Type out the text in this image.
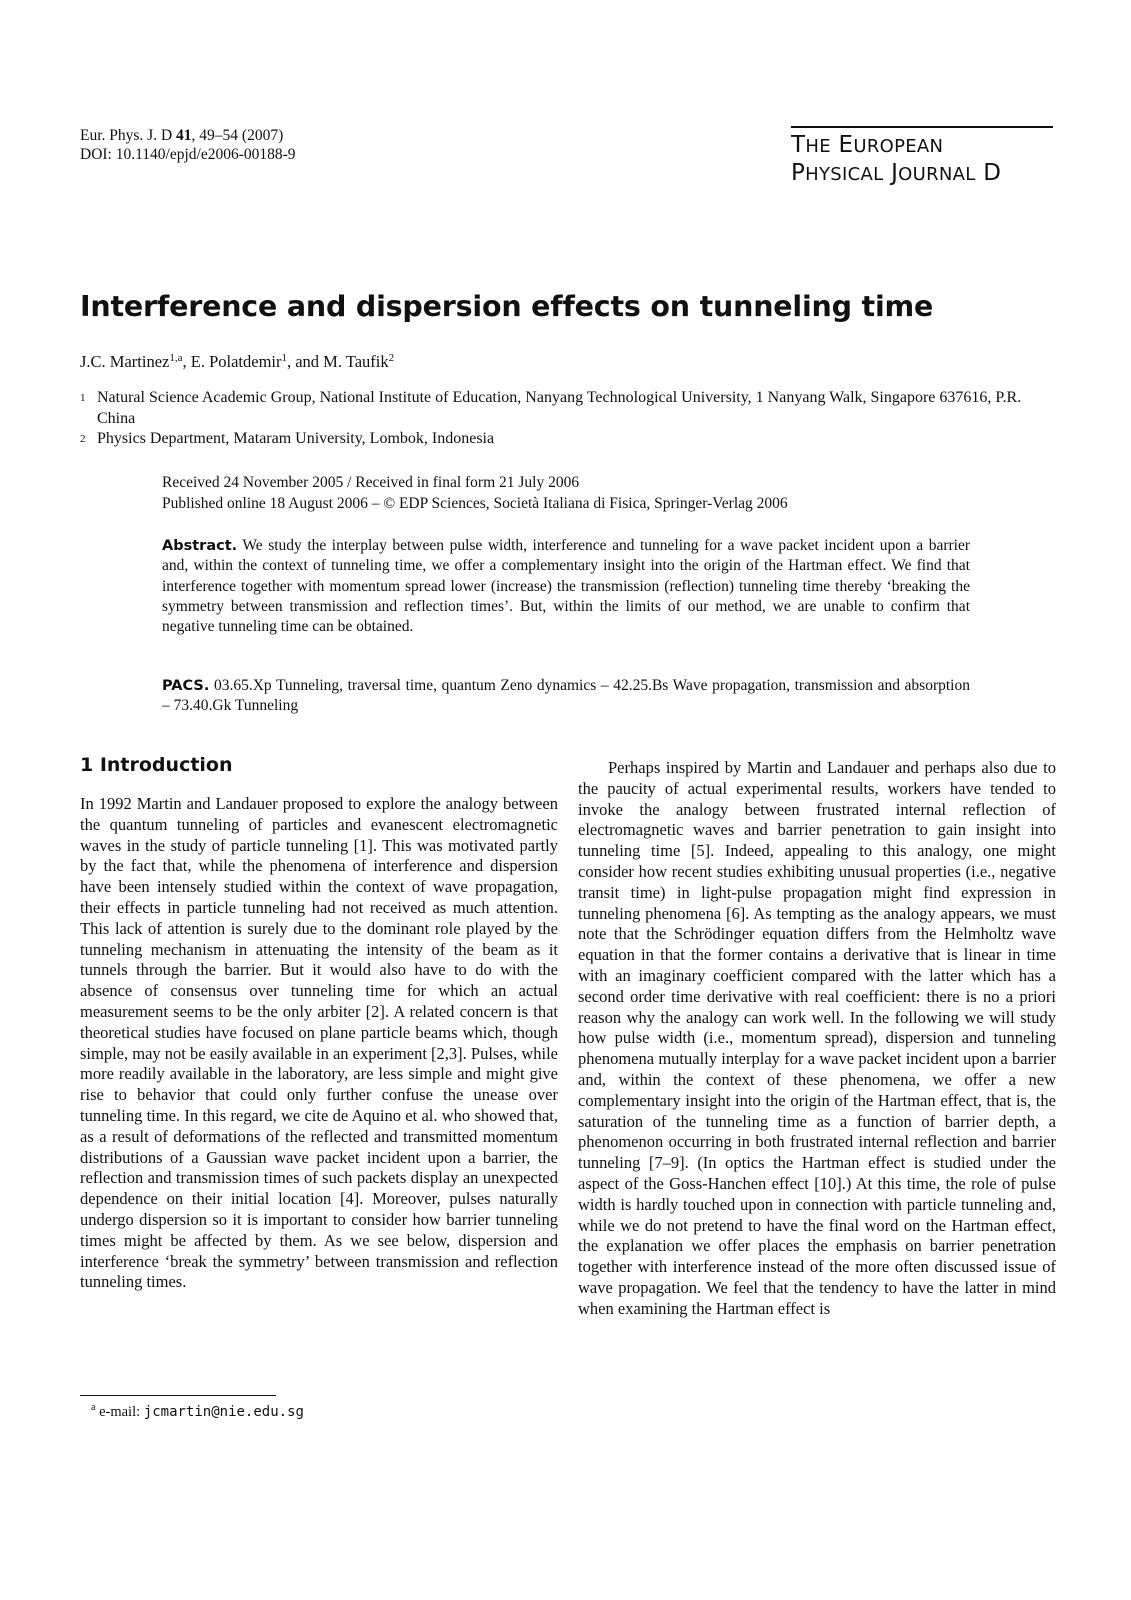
Eur. Phys. J. D 41, 49–54 (2007)
DOI: 10.1140/epjd/e2006-00188-9	THE EUROPEAN
PHYSICAL JOURNAL D
Interference and dispersion effects on tunneling time
J.C. Martinez$^{1,a}$, E. Polatdemir$^1$, and M. Taufik$^2$
1 Natural Science Academic Group, National Institute of Education, Nanyang Technological University, 1 Nanyang Walk, Singapore 637616, P.R. China
2 Physics Department, Mataram University, Lombok, Indonesia
Received 24 November 2005 / Received in final form 21 July 2006
Published online 18 August 2006 – © EDP Sciences, Società Italiana di Fisica, Springer-Verlag 2006
Abstract. We study the interplay between pulse width, interference and tunneling for a wave packet incident upon a barrier and, within the context of tunneling time, we offer a complementary insight into the origin of the Hartman effect. We find that interference together with momentum spread lower (increase) the transmission (reflection) tunneling time thereby ‘breaking the symmetry between transmission and reflection times’. But, within the limits of our method, we are unable to confirm that negative tunneling time can be obtained.
PACS. 03.65.Xp Tunneling, traversal time, quantum Zeno dynamics – 42.25.Bs Wave propagation, transmission and absorption – 73.40.Gk Tunneling
1 Introduction
In 1992 Martin and Landauer proposed to explore the analogy between the quantum tunneling of particles and evanescent electromagnetic waves in the study of particle tunneling [1]. This was motivated partly by the fact that, while the phenomena of interference and dispersion have been intensely studied within the context of wave propagation, their effects in particle tunneling had not received as much attention. This lack of attention is surely due to the dominant role played by the tunneling mechanism in attenuating the intensity of the beam as it tunnels through the barrier. But it would also have to do with the absence of consensus over tunneling time for which an actual measurement seems to be the only arbiter [2]. A related concern is that theoretical studies have focused on plane particle beams which, though simple, may not be easily available in an experiment [2,3]. Pulses, while more readily available in the laboratory, are less simple and might give rise to behavior that could only further confuse the unease over tunneling time. In this regard, we cite de Aquino et al. who showed that, as a result of deformations of the reflected and transmitted momentum distributions of a Gaussian wave packet incident upon a barrier, the reflection and transmission times of such packets display an unexpected dependence on their initial location [4]. Moreover, pulses naturally undergo dispersion so it is important to consider how barrier tunneling times might be affected by them. As we see below, dispersion and interference ‘break the symmetry’ between transmission and reflection tunneling times.
Perhaps inspired by Martin and Landauer and perhaps also due to the paucity of actual experimental results, workers have tended to invoke the analogy between frustrated internal reflection of electromagnetic waves and barrier penetration to gain insight into tunneling time [5]. Indeed, appealing to this analogy, one might consider how recent studies exhibiting unusual properties (i.e., negative transit time) in light-pulse propagation might find expression in tunneling phenomena [6]. As tempting as the analogy appears, we must note that the Schrödinger equation differs from the Helmholtz wave equation in that the former contains a derivative that is linear in time with an imaginary coefficient compared with the latter which has a second order time derivative with real coefficient: there is no a priori reason why the analogy can work well. In the following we will study how pulse width (i.e., momentum spread), dispersion and tunneling phenomena mutually interplay for a wave packet incident upon a barrier and, within the context of these phenomena, we offer a new complementary insight into the origin of the Hartman effect, that is, the saturation of the tunneling time as a function of barrier depth, a phenomenon occurring in both frustrated internal reflection and barrier tunneling [7–9]. (In optics the Hartman effect is studied under the aspect of the Goss-Hanchen effect [10].) At this time, the role of pulse width is hardly touched upon in connection with particle tunneling and, while we do not pretend to have the final word on the Hartman effect, the explanation we offer places the emphasis on barrier penetration together with interference instead of the more often discussed issue of wave propagation. We feel that the tendency to have the latter in mind when examining the Hartman effect is
$^a$ e-mail: jcmartin@nie.edu.sg
